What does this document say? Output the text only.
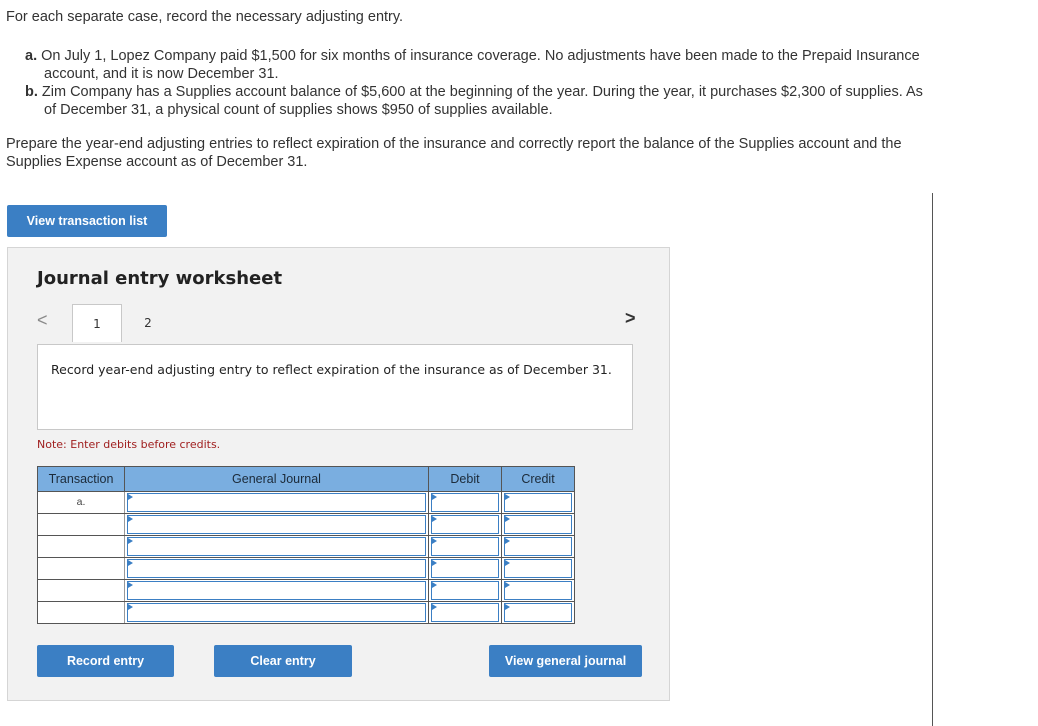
For each separate case, record the necessary adjusting entry.

a. On July 1, Lopez Company paid $1,500 for six months of insurance coverage. No adjustments have been made to the Prepaid Insurance account, and it is now December 31.
b. Zim Company has a Supplies account balance of $5,600 at the beginning of the year. During the year, it purchases $2,300 of supplies. As of December 31, a physical count of supplies shows $950 of supplies available.

Prepare the year-end adjusting entries to reflect expiration of the insurance and correctly report the balance of the Supplies account and the Supplies Expense account as of December 31.

View transaction list
Journal entry worksheet
<	1	2	>
Record year-end adjusting entry to reflect expiration of the insurance as of December 31.
Note: Enter debits before credits.
Transaction	General Journal	Debit	Credit
a.	

Record entry	Clear entry	View general journal
